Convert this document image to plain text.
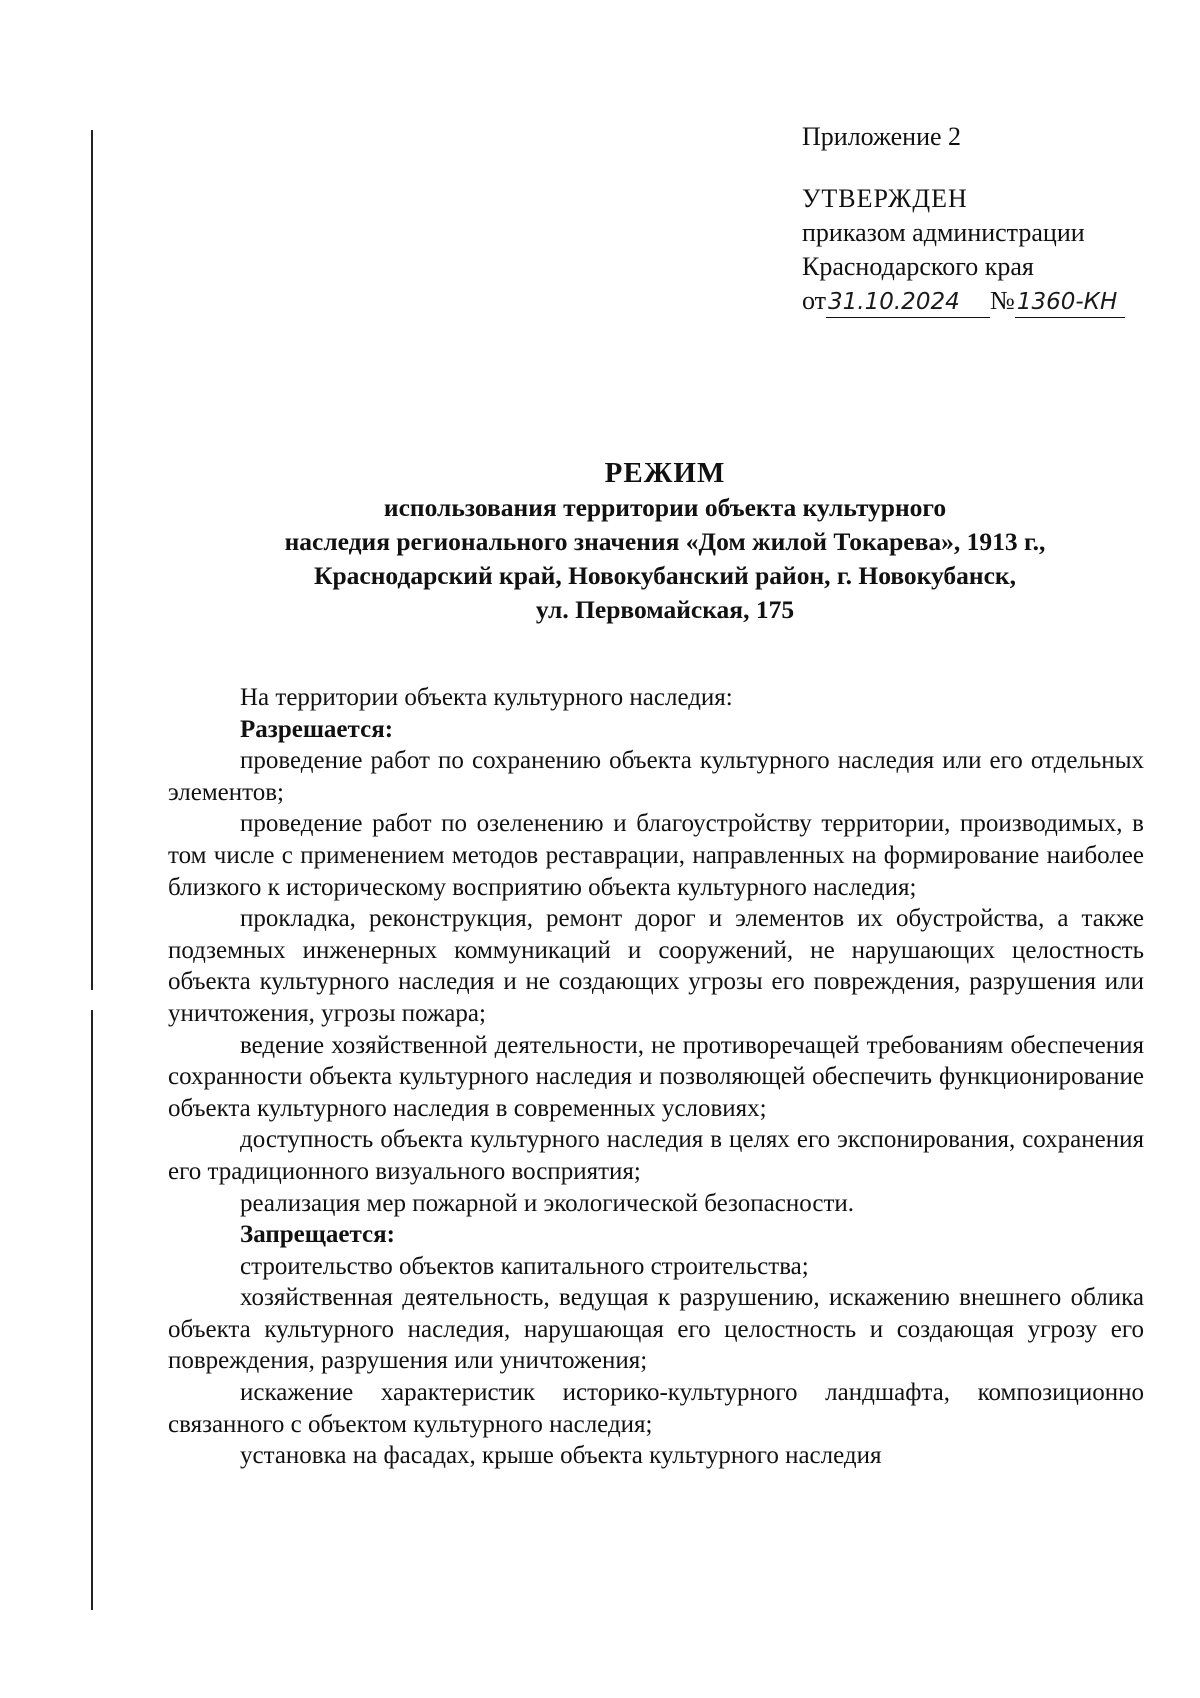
Приложение 2
УТВЕРЖДЕН
приказом администрации
Краснодарского края
от 31.10.2024	№ 1360-КН
РЕЖИМ
использования территории объекта культурного
наследия регионального значения «Дом жилой Токарева», 1913 г.,
Краснодарский край, Новокубанский район, г. Новокубанск,
ул. Первомайская, 175

На территории объекта культурного наследия:

Разрешается:

проведение работ по сохранению объекта культурного наследия или его отдельных элементов;

проведение работ по озеленению и благоустройству территории, производимых, в том числе с применением методов реставрации, направленных на формирование наиболее близкого к историческому восприятию объекта культурного наследия;

прокладка, реконструкция, ремонт дорог и элементов их обустройства, а также подземных инженерных коммуникаций и сооружений, не нарушающих целостность объекта культурного наследия и не создающих угрозы его повреждения, разрушения или уничтожения, угрозы пожара;

ведение хозяйственной деятельности, не противоречащей требованиям обеспечения сохранности объекта культурного наследия и позволяющей обеспечить функционирование объекта культурного наследия в современных условиях;

доступность объекта культурного наследия в целях его экспонирования, сохранения его традиционного визуального восприятия;

реализация мер пожарной и экологической безопасности.

Запрещается:

строительство объектов капитального строительства;

хозяйственная деятельность, ведущая к разрушению, искажению внешнего облика объекта культурного наследия, нарушающая его целостность и создающая угрозу его повреждения, разрушения или уничтожения;

искажение характеристик историко-культурного ландшафта, композиционно связанного с объектом культурного наследия;

установка на фасадах, крыше объекта культурного наследия
